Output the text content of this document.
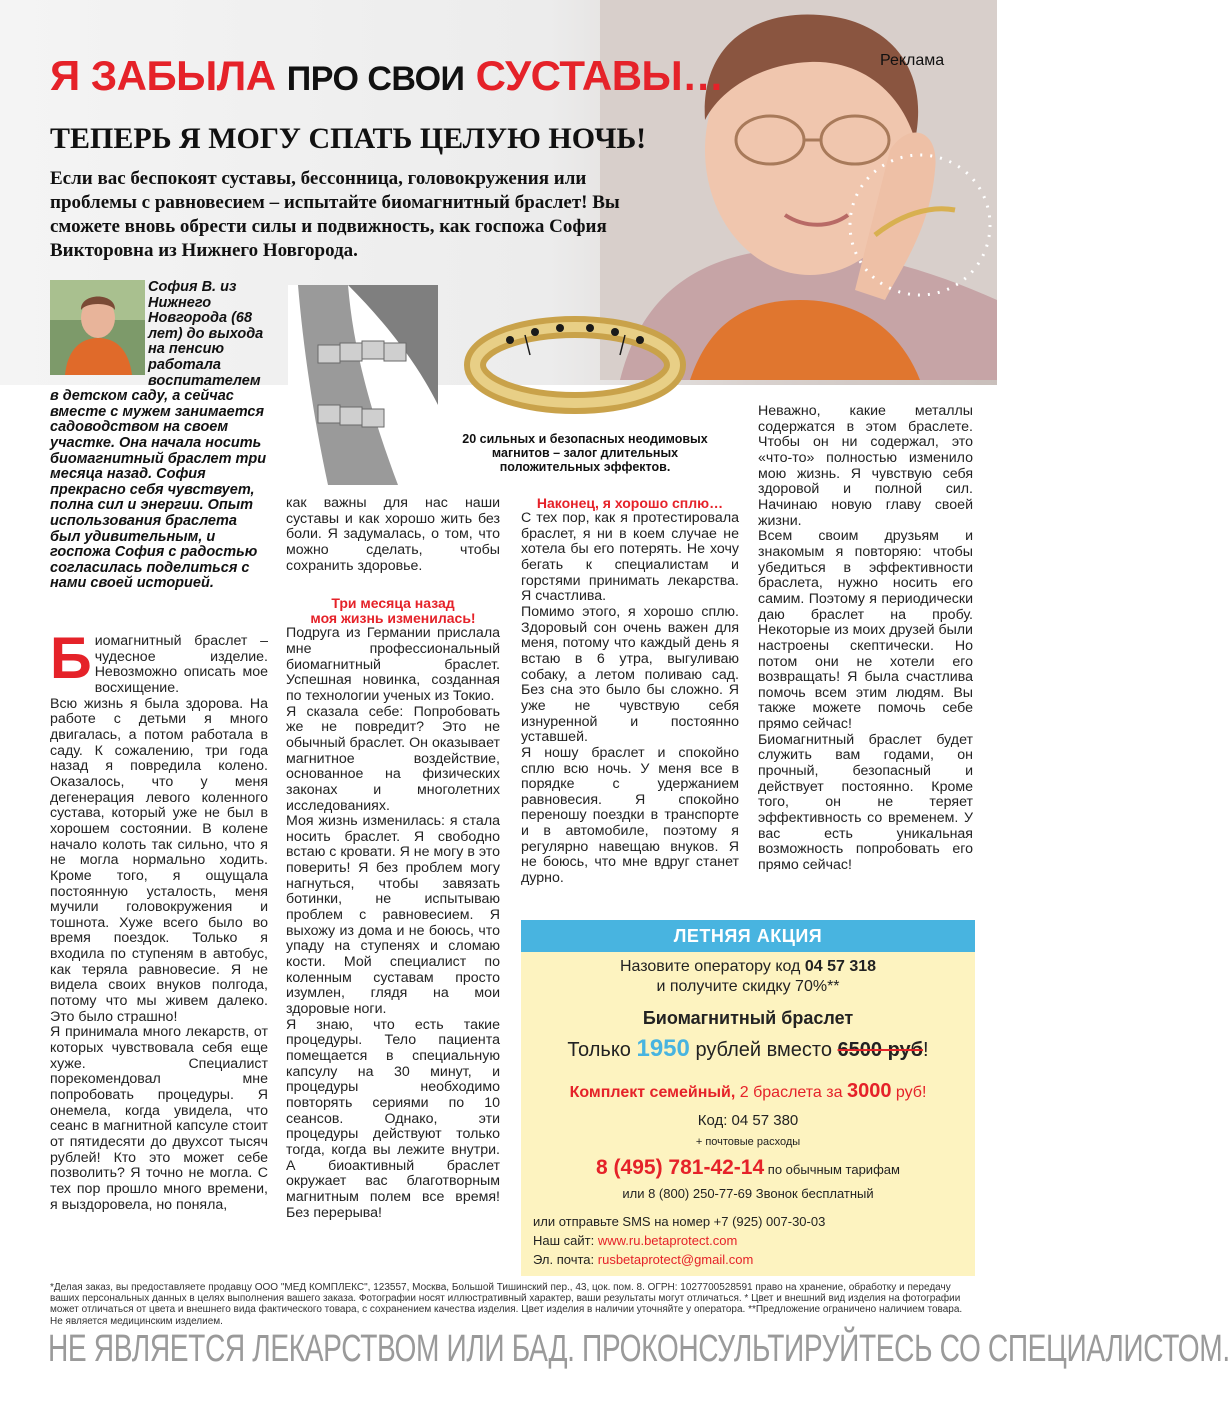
Реклама
Я ЗАБЫЛА ПРО СВОИ СУСТАВЫ…
ТЕПЕРЬ Я МОГУ СПАТЬ ЦЕЛУЮ НОЧЬ!
Если вас беспокоят суставы, бессонница, головокружения или проблемы с равновесием – испытайте биомагнитный браслет! Вы сможете вновь обрести силы и подвижность, как госпожа София Викторовна из Нижнего Новгорода.
София В. из Нижнего Новгорода (68 лет) до выхода на пенсию работала воспитателем в детском саду, а сейчас вместе с мужем занимается садоводством на своем участке. Она начала носить биомагнитный браслет три месяца назад. София прекрасно себя чувствует, полна сил и энергии. Опыт использования браслета был удивительным, и госпожа София с радостью согласилась поделиться с нами своей историей.
20 сильных и безопасных неодимовых магнитов – залог длительных положительных эффектов.

Биомагнитный браслет – чудесное изделие. Невозможно описать мое восхищение.

Всю жизнь я была здорова. На работе с детьми я много двигалась, а потом работала в саду. К сожалению, три года назад я повредила колено. Оказалось, что у меня дегенерация левого коленного сустава, который уже не был в хорошем состоянии. В колене начало колоть так сильно, что я не могла нормально ходить. Кроме того, я ощущала постоянную усталость, меня мучили головокружения и тошнота. Хуже всего было во время поездок. Только я входила по ступеням в автобус, как теряла равновесие. Я не видела своих внуков полгода, потому что мы живем далеко. Это было страшно!

Я принимала много лекарств, от которых чувствовала себя еще хуже. Специалист порекомендовал мне попробовать процедуры. Я онемела, когда увидела, что сеанс в магнитной капсуле стоит от пятидесяти до двухсот тысяч рублей! Кто это может себе позволить? Я точно не могла. С тех пор прошло много времени, я выздоровела, но поняла,

как важны для нас наши суставы и как хорошо жить без боли. Я задумалась, о том, что можно сделать, чтобы сохранить здоровье.

Три месяца назад
моя жизнь изменилась!

Подруга из Германии прислала мне профессиональный биомагнитный браслет. Успешная новинка, созданная по технологии ученых из Токио.

Я сказала себе: Попробовать же не повредит? Это не обычный браслет. Он оказывает магнитное воздействие, основанное на физических законах и многолетних исследованиях.

Моя жизнь изменилась: я стала носить браслет. Я свободно встаю с кровати. Я не могу в это поверить! Я без проблем могу нагнуться, чтобы завязать ботинки, не испытываю проблем с равновесием. Я выхожу из дома и не боюсь, что упаду на ступенях и сломаю кости. Мой специалист по коленным суставам просто изумлен, глядя на мои здоровые ноги.

Я знаю, что есть такие процедуры. Тело пациента помещается в специальную капсулу на 30 минут, и процедуры необходимо повторять сериями по 10 сеансов. Однако, эти процедуры действуют только тогда, когда вы лежите внутри. А биоактивный браслет окружает вас благотворным магнитным полем все время! Без перерыва!

Наконец, я хорошо сплю…

С тех пор, как я протестировала браслет, я ни в коем случае не хотела бы его потерять. Не хочу бегать к специалистам и горстями принимать лекарства. Я счастлива.

Помимо этого, я хорошо сплю. Здоровый сон очень важен для меня, потому что каждый день я встаю в 6 утра, выгуливаю собаку, а летом поливаю сад. Без сна это было бы сложно. Я уже не чувствую себя изнуренной и постоянно уставшей.

Я ношу браслет и спокойно сплю всю ночь. У меня все в порядке с удержанием равновесия. Я спокойно переношу поездки в транспорте и в автомобиле, поэтому я регулярно навещаю внуков. Я не боюсь, что мне вдруг станет дурно.

Неважно, какие металлы содержатся в этом браслете. Чтобы он ни содержал, это «что-то» полностью изменило мою жизнь. Я чувствую себя здоровой и полной сил. Начинаю новую главу своей жизни.

Всем своим друзьям и знакомым я повторяю: чтобы убедиться в эффективности браслета, нужно носить его самим. Поэтому я периодически даю браслет на пробу. Некоторые из моих друзей были настроены скептически. Но потом они не хотели его возвращать! Я была счастлива помочь всем этим людям. Вы также можете помочь себе прямо сейчас!

Биомагнитный браслет будет служить вам годами, он прочный, безопасный и действует постоянно. Кроме того, он не теряет эффективность со временем. У вас есть уникальная возможность попробовать его прямо сейчас!

Назовите оператору код 04 57 318
и получите скидку 70%**
Биомагнитный браслет
Только 1950 рублей вместо 6500 руб!
Комплект семейный, 2 браслета за 3000 руб!
Код: 04 57 380
+ почтовые расходы
8 (495) 781-42-14 по обычным тарифам
или 8 (800) 250-77-69 Звонок бесплатный
или отправьте SMS на номер +7 (925) 007-30-03
Наш сайт: www.ru.betaprotect.com
Эл. почта: rusbetaprotect@gmail.com
ЛЕТНЯЯ АКЦИЯ
*Делая заказ, вы предоставляете продавцу ООО "МЕД КОМПЛЕКС", 123557, Москва, Большой Тишинский пер., 43, цок. пом. 8. ОГРН: 1027700528591 право на хранение, обработку и передачу ваших персональных данных в целях выполнения вашего заказа. Фотографии носят иллюстративный характер, ваши результаты могут отличаться. * Цвет и внешний вид изделия на фотографии может отличаться от цвета и внешнего вида фактического товара, с сохранением качества изделия. Цвет изделия в наличии уточняйте у оператора. **Предложение ограничено наличием товара. Не является медицинским изделием.
НЕ ЯВЛЯЕТСЯ ЛЕКАРСТВОМ ИЛИ БАД. ПРОКОНСУЛЬТИРУЙТЕСЬ СО СПЕЦИАЛИСТОМ.
